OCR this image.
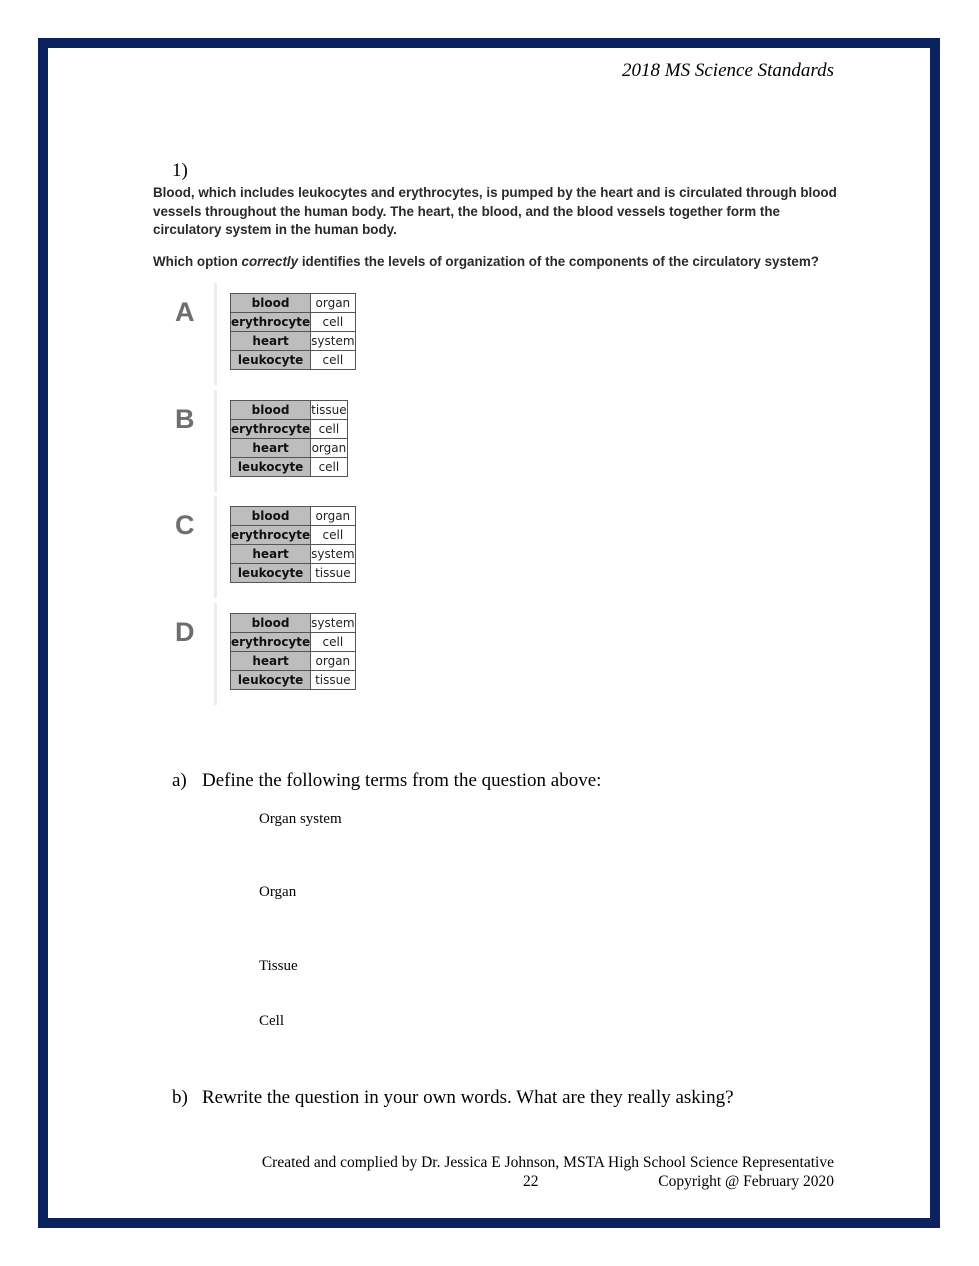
2018 MS Science Standards
1)
Blood, which includes leukocytes and erythrocytes, is pumped by the heart and is circulated through blood vessels throughout the human body. The heart, the blood, and the blood vessels together form the circulatory system in the human body.
Which option correctly identifies the levels of organization of the components of the circulatory system?
A	blood	organ
erythrocyte	cell
heart	system
leukocyte	cell
B	blood	tissue
erythrocyte	cell
heart	organ
leukocyte	cell
C	blood	organ
erythrocyte	cell
heart	system
leukocyte	tissue
D	blood	system
erythrocyte	cell
heart	organ
leukocyte	tissue
a) Define the following terms from the question above:
Organ system
Organ
Tissue
Cell
b) Rewrite the question in your own words. What are they really asking?
Created and complied by Dr. Jessica E Johnson, MSTA High School Science Representative
22	Copyright @ February 2020
